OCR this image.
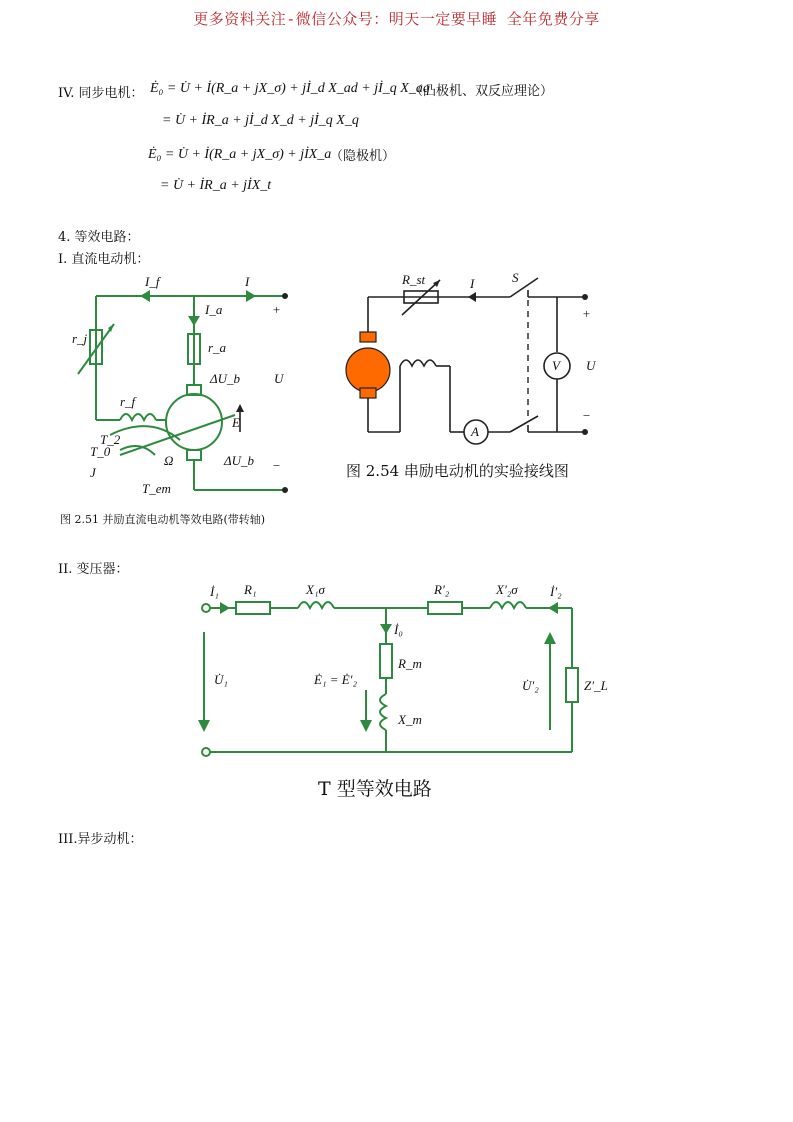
更多资料关注-微信公众号：明天一定要早睡 全年免费分享
IV. 同步电机： Ė₀ = U̇ + İ(R_a + jX_σ) + jİ_d X_ad + jİ_q X_aq
（凸极机、双反应理论）
= U̇ + İR_a + jİ_d X_d + jİ_q X_q
Ė₀ = U̇ + İ(R_a + jX_σ) + jİX_a
（隐极机）
= U̇ + İR_a + jİX_t
4. 等效电路：
I. 直流电动机：
I_f	I
+
I_a
r_a
r_j
ΔU_b	U
E
r_f
T_2
T_0
J
Ω	ΔU_b −
T_em
图 2.51 并励直流电动机等效电路(带转轴)
R_st	I	S
+
V U
A
−
图 2.54 串励电动机的实验接线图
II. 变压器：
İ₁ R₁	X₁σ	R′₂	X′₂σ İ′₂
İ₀
U̇₁	Ė₁ = Ė′₂
R_m
X_m
U̇′₂	Z′_L
T 型等效电路
III.异步动机：
